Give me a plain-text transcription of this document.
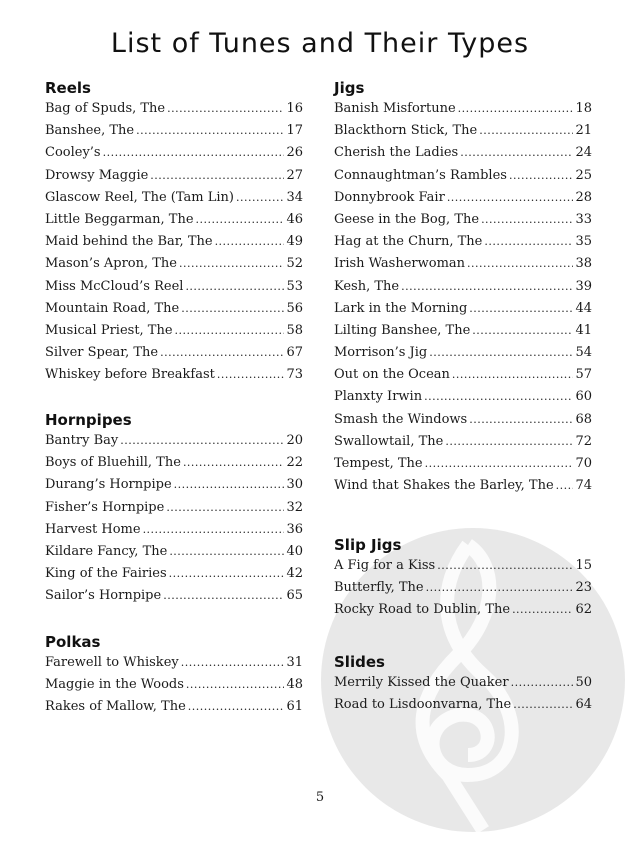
List of Tunes and Their Types
Reels
Bag of Spuds, The .....	16
Banshee, The .....	17
Cooley’s .....	26
Drowsy Maggie .....	27
Glascow Reel, The (Tam Lin) .....	34
Little Beggarman, The .....	46
Maid behind the Bar, The .....	49
Mason’s Apron, The .....	52
Miss McCloud’s Reel .....	53
Mountain Road, The .....	56
Musical Priest, The .....	58
Silver Spear, The .....	67
Whiskey before Breakfast .....	73
Hornpipes
Bantry Bay .....	20
Boys of Bluehill, The .....	22
Durang’s Hornpipe .....	30
Fisher’s Hornpipe .....	32
Harvest Home .....	36
Kildare Fancy, The .....	40
King of the Fairies .....	42
Sailor’s Hornpipe .....	65
Polkas
Farewell to Whiskey .....	31
Maggie in the Woods .....	48
Rakes of Mallow, The .....	61
Jigs
Banish Misfortune .....	18
Blackthorn Stick, The .....	21
Cherish the Ladies .....	24
Connaughtman’s Rambles .....	25
Donnybrook Fair .....	28
Geese in the Bog, The .....	33
Hag at the Churn, The .....	35
Irish Washerwoman .....	38
Kesh, The .....	39
Lark in the Morning .....	44
Lilting Banshee, The .....	41
Morrison’s Jig .....	54
Out on the Ocean .....	57
Planxty Irwin .....	60
Smash the Windows .....	68
Swallowtail, The .....	72
Tempest, The .....	70
Wind that Shakes the Barley, The ..... 74
Slip Jigs
A Fig for a Kiss .....	15
Butterfly, The .....	23
Rocky Road to Dublin, The .....	62
Slides
Merrily Kissed the Quaker .....	50
Road to Lisdoonvarna, The .....	64
5
